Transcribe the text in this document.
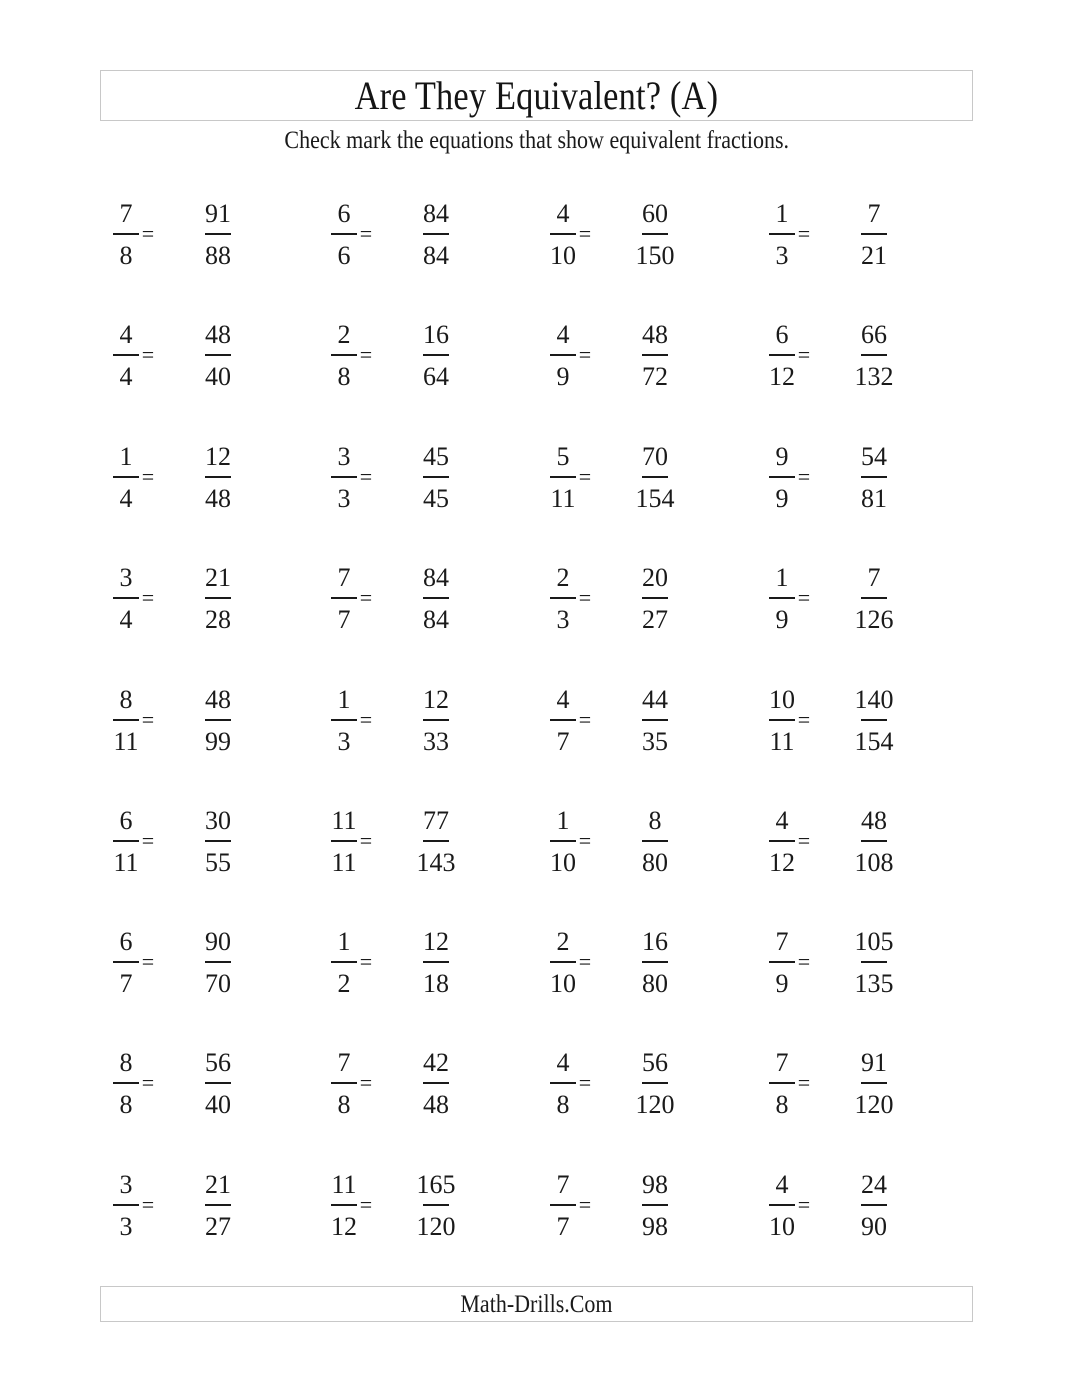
Are They Equivalent? (A)
Check mark the equations that show equivalent fractions.
7
8
=
91
88
6
6
=
84
84
4
10
=
60
150
1
3
=
7
21
4
4
=
48
40
2
8
=
16
64
4
9
=
48
72
6
12
=
66
132
1
4
=
12
48
3
3
=
45
45
5
11
=
70
154
9
9
=
54
81
3
4
=
21
28
7
7
=
84
84
2
3
=
20
27
1
9
=
7
126
8
11
=
48
99
1
3
=
12
33
4
7
=
44
35
10
11
=
140
154
6
11
=
30
55
11
11
=
77
143
1
10
=
8
80
4
12
=
48
108
6
7
=
90
70
1
2
=
12
18
2
10
=
16
80
7
9
=
105
135
8
8
=
56
40
7
8
=
42
48
4
8
=
56
120
7
8
=
91
120
3
3
=
21
27
11
12
=
165
120
7
7
=
98
98
4
10
=
24
90
Math-Drills.Com
